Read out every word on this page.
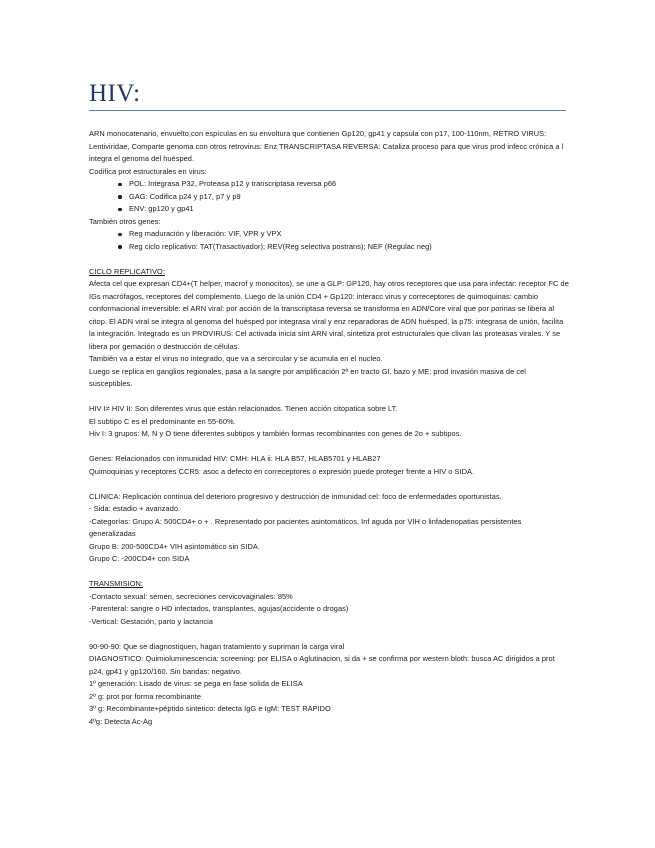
HIV:

ARN monocatenario, envuelto,con espículas en su envoltura que contienen Gp120, gp41 y capsula con p17, 100-110nm, RETRO VIRUS: Lentiviridae, Comparte genoma con otros retrovirus: Enz TRANSCRIPTASA REVERSA: Cataliza proceso para que virus prod infecc crónica a l integra el genoma del huésped.

Codifica prot estructurales en virus:

POL: Integrasa P32, Proteasa p12 y transcriptasa reversa p66
GAG: Codifica p24 y p17, p7 y p9
ENV: gp120 y gp41

También otros genes:

Reg maduración y liberación: VIF, VPR y VPX
Reg ciclo replicativo: TAT(Trasactivador); REV(Reg selectiva postrans); NEF (Regulac neg)

CICLO REPLICATIVO:

Afecta cel que expresan CD4+(T helper, macrof y monocitos), se une a GLP: GP120, hay otros receptores que usa para infectar: receptor FC de IGs macrófagos, receptores del complemento. Luego de la unión CD4 + Gp120: interacc virus y correceptores de quimoquinas: cambio conformacional irreversible: el ARN viral: por acción de la transcriptasa reversa se transforma en ADN/Core viral que por porinas se libera al citop. El ADN viral se integra al genoma del huésped por integrasa viral y enz reparadoras de ADN huésped, la p75: integrasa de unión, facilita la integración. Integrado es un PROVIRUS: Cel activada inicia sint ARN viral, sintetiza prot estructurales que clivan las proteasas virales. Y se libera por gemación o destrucción de células.

También va a estar el virus no integrado, que va a sercircular y se acumula en el nucleo.

Luego se replica en ganglios regionales, pasa a la sangre por amplificación 2ª en tracto GI, bazo y ME: prod invasión masiva de cel susceptibles.

HIV I≠ HIV II: Son diferentes virus que están relacionados. Tienen acción citopatica sobre LT.

El subtipo C es el predominante en 55-60%.

Hiv I: 3 grupos: M, N y O tiene diferentes subtipos y también formas recombinantes con genes de 2o + subtipos.

Genes: Relacionados con inmunidad HIV: CMH: HLA ii: HLA B57, HLAB5701 y HLAB27

Quimoquinas y receptores CCR5: asoc a defecto en correceptores o expresión puede proteger frente a HIV o SIDA.

CLINICA: Replicación continua del deterioro progresivo y destrucción de inmunidad cel: foco de enfermedades oportunistas.

- Sida: estadio + avanzado.

-Categorías: Grupo A: 500CD4+ o + . Representado por pacientes asintomáticos, Inf aguda por VIH o linfadenopatias persistentes generalizadas

Grupo B: 200-500CD4+ VIH asintomático sin SIDA.

Grupo C: -200CD4+ con SIDA

TRANSMISION:

-Contacto sexual: semen, secreciones cervicovaginales: 85%

-Parenteral: sangre o HD infectados, transplantes, agujas(accidente o drogas)

-Vertical: Gestación, parto y lactancia

90-90-90: Que se diagnostiquen, hagan tratamiento y supriman la carga viral

DIAGNOSTICO: Quimioluminescencia: screening: por ELISA o Aglutinacion, si da + se confirma por western bloth: busca AC dirigidos a prot p24, gp41 y gp120/160. Sin bandas: negativo.

1º generación: Lisado de virus: se pega en fase solida de ELISA

2º g: prot por forma recombinante

3º g: Recombinante+péptido sintetico: detecta IgG e IgM: TEST RAPIDO

4ºg: Detecta Ac-Ag
